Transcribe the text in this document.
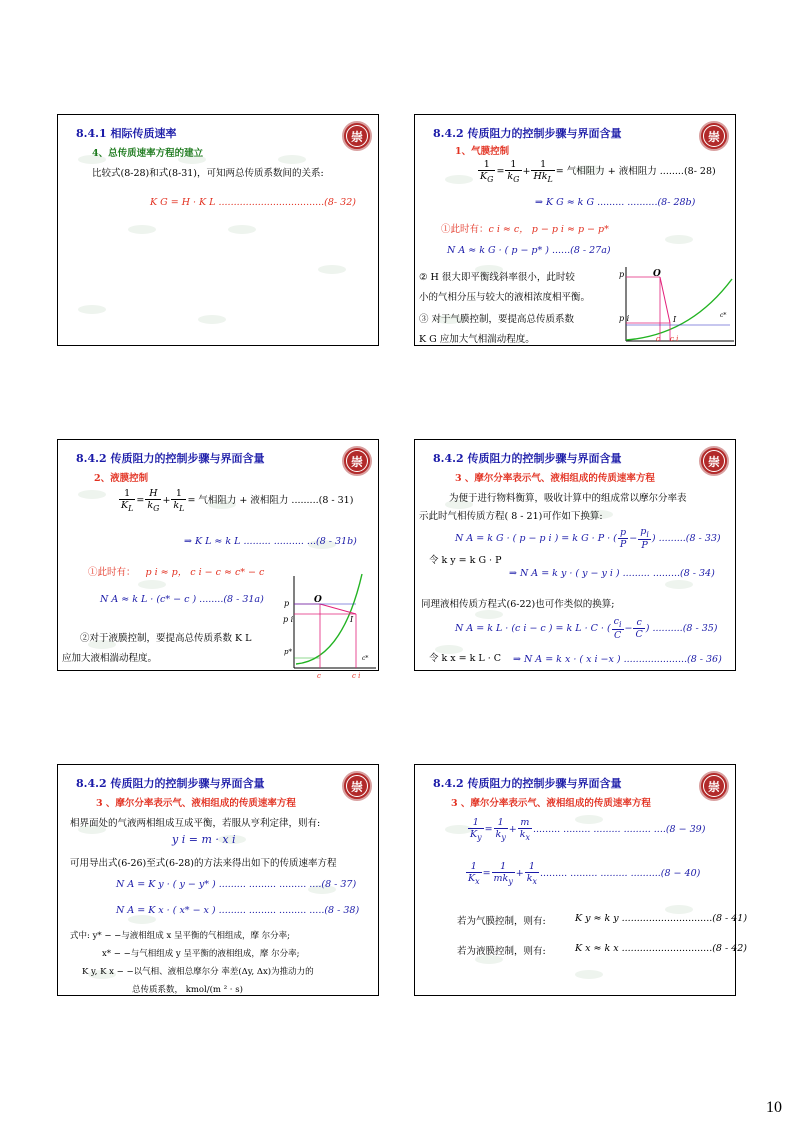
崇
8.4.1 相际传质速率
4、总传质速率方程的建立
比较式(8-28)和式(8-31)，可知两总传质系数间的关系:
K G = H · K L ...................................(8- 32)
崇
8.4.2 传质阻力的控制步骤与界面含量
1、气膜控制
$\frac{1}{K_G} = \frac{1}{k_G} + \frac{1}{Hk_L}$ = 气相阻力 + 液相阻力 ........(8- 28)
⇒ K G ≈ k G ......... ..........(8- 28b)
①此时有：c i ≈ c， p − p i ≈ p − p*
N A ≈ k G · ( p − p* ) ......(8 - 27a)
② H 很大即平衡线斜率很小，此时较
小的气相分压与较大的液相浓度相平衡。
③ 对于气膜控制，要提高总传质系数
K G 应加大气相湍动程度。
p
p i
O
I
c c i
c*
崇
8.4.2 传质阻力的控制步骤与界面含量
2、液膜控制
$\frac{1}{K_L} = \frac{H}{k_G} + \frac{1}{k_L}$ = 气相阻力 + 液相阻力 .........(8 - 31)
⇒ K L ≈ k L ......... .......... ...(8 - 31b)
①此时有： p i ≈ p， c i − c ≈ c* − c
N A ≈ k L · (c* − c ) ........(8 - 31a)
②对于液膜控制，要提高总传质系数 K L
应加大液相湍动程度。
p
p i
p*
O
I
c	c i
c*
崇
8.4.2 传质阻力的控制步骤与界面含量
3 、摩尔分率表示气、液相组成的传质速率方程
为便于进行物料衡算，吸收计算中的组成常以摩尔分率表
示此时气相传质方程( 8 - 21)可作如下换算:
N A = k G · ( p − p i ) = k G · P · ( $\frac{p}{P} - \frac{p_i}{P}$ ) .........(8 - 33)
令 k y = k G · P
⇒ N A = k y · ( y − y i ) ......... .........(8 - 34)
同理液相传质方程式(6-22)也可作类似的换算;
N A = k L · (c i − c ) = k L · C · ( $\frac{c_i}{C} - \frac{c}{C}$ ) ..........(8 - 35)
令 k x = k L · C ⇒ N A = k x · ( x i −x ) .....................(8 - 36)
崇
8.4.2 传质阻力的控制步骤与界面含量
3 、摩尔分率表示气、液相组成的传质速率方程
相界面处的气液两相组成互成平衡，若服从亨利定律，则有:
y i = m · x i
可用导出式(6-26)至式(6-28)的方法来得出如下的传质速率方程
N A = K y · ( y − y* ) ......... ......... ......... ....(8 - 37)
N A = K x · ( x* − x ) ......... ......... ......... .....(8 - 38)
式中: y* − −与液相组成 x 呈平衡的气相组成，摩 尔分率;
x* − −与气相组成 y 呈平衡的液相组成，摩 尔分率;
K y, K x − −以气相、液相总摩尔分 率差(Δy, Δx)为推动力的
总传质系数， kmol/(m ² · s)
崇
8.4.2 传质阻力的控制步骤与界面含量
3 、摩尔分率表示气、液相组成的传质速率方程
$\frac{1}{K_y} = \frac{1}{k_y} + \frac{m}{k_x}$ ......... ......... ......... ......... ....(8 − 39)
$\frac{1}{K_x} = \frac{1}{mk_y} + \frac{1}{k_x}$ ......... ......... ......... ..........(8 − 40)
若为气膜控制，则有:	K y ≈ k y ..............................(8 - 41)
若为液膜控制，则有:	K x ≈ k x ..............................(8 - 42)
10
